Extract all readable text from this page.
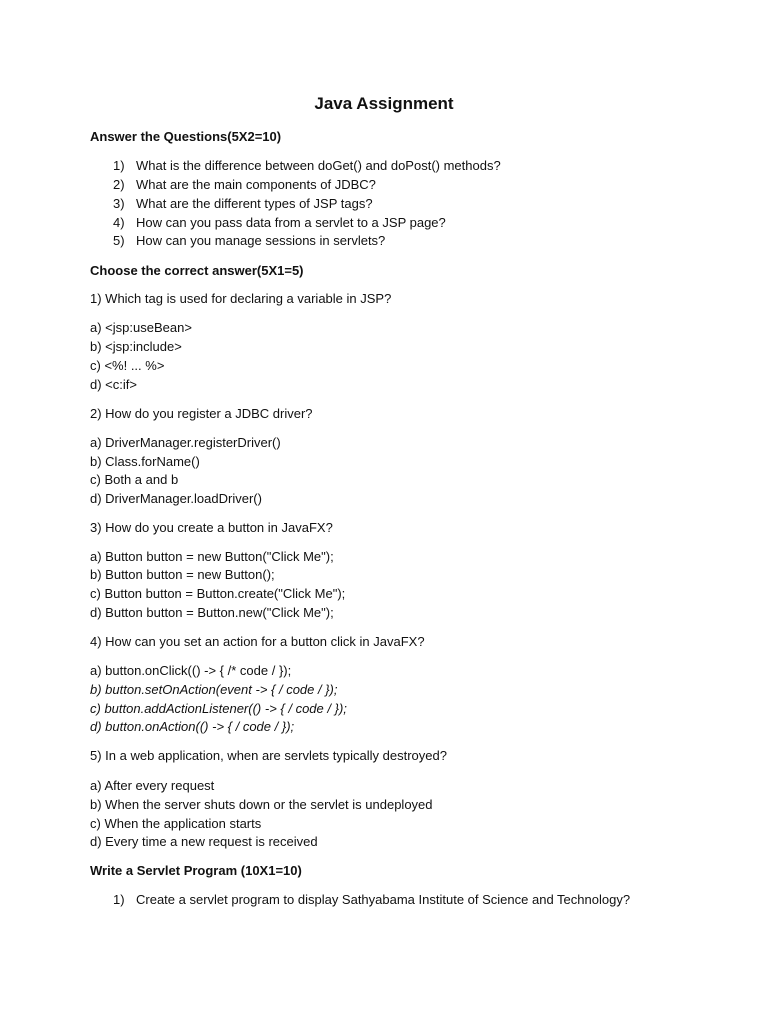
Java Assignment
Answer the Questions(5X2=10)
1) What is the difference between doGet() and doPost() methods?
2) What are the main components of JDBC?
3) What are the different types of JSP tags?
4) How can you pass data from a servlet to a JSP page?
5) How can you manage sessions in servlets?
Choose the correct answer(5X1=5)
1) Which tag is used for declaring a variable in JSP?
a) <jsp:useBean>
b) <jsp:include>
c) <%! ... %>
d) <c:if>
2) How do you register a JDBC driver?
a) DriverManager.registerDriver()
b) Class.forName()
c) Both a and b
d) DriverManager.loadDriver()
3) How do you create a button in JavaFX?
a) Button button = new Button("Click Me");
b) Button button = new Button();
c) Button button = Button.create("Click Me");
d) Button button = Button.new("Click Me");
4) How can you set an action for a button click in JavaFX?
a) button.onClick(() -> { /* code / });
b) button.setOnAction(event -> { / code / });
c) button.addActionListener(() -> { / code / });
d) button.onAction(() -> { / code / });
5) In a web application, when are servlets typically destroyed?
a) After every request
b) When the server shuts down or the servlet is undeployed
c) When the application starts
d) Every time a new request is received
Write a Servlet Program (10X1=10)
1) Create a servlet program to display Sathyabama Institute of Science and Technology?
